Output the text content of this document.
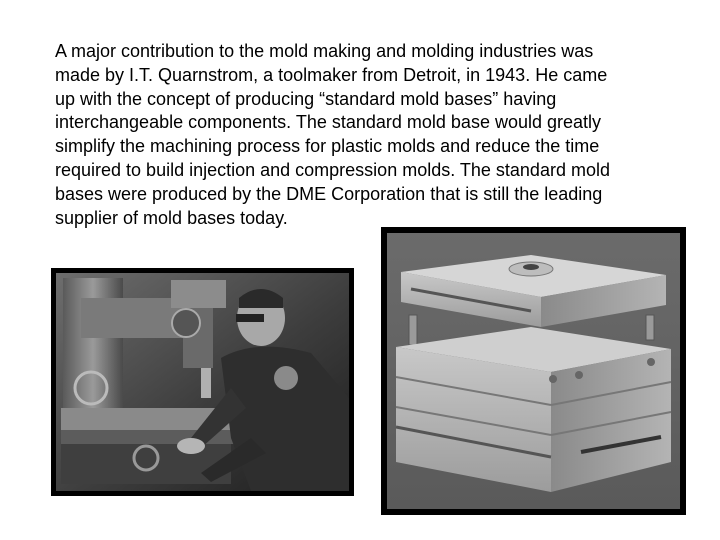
A major contribution to the mold making and molding industries was
made by I.T. Quarnstrom, a toolmaker from Detroit, in 1943. He came
up with the concept of producing “standard mold bases” having
interchangeable components. The standard mold base would greatly
simplify the machining process for plastic molds and reduce the time
required to build injection and compression molds. The standard mold
bases were produced by the DME Corporation that is still the leading
supplier of mold bases today.
